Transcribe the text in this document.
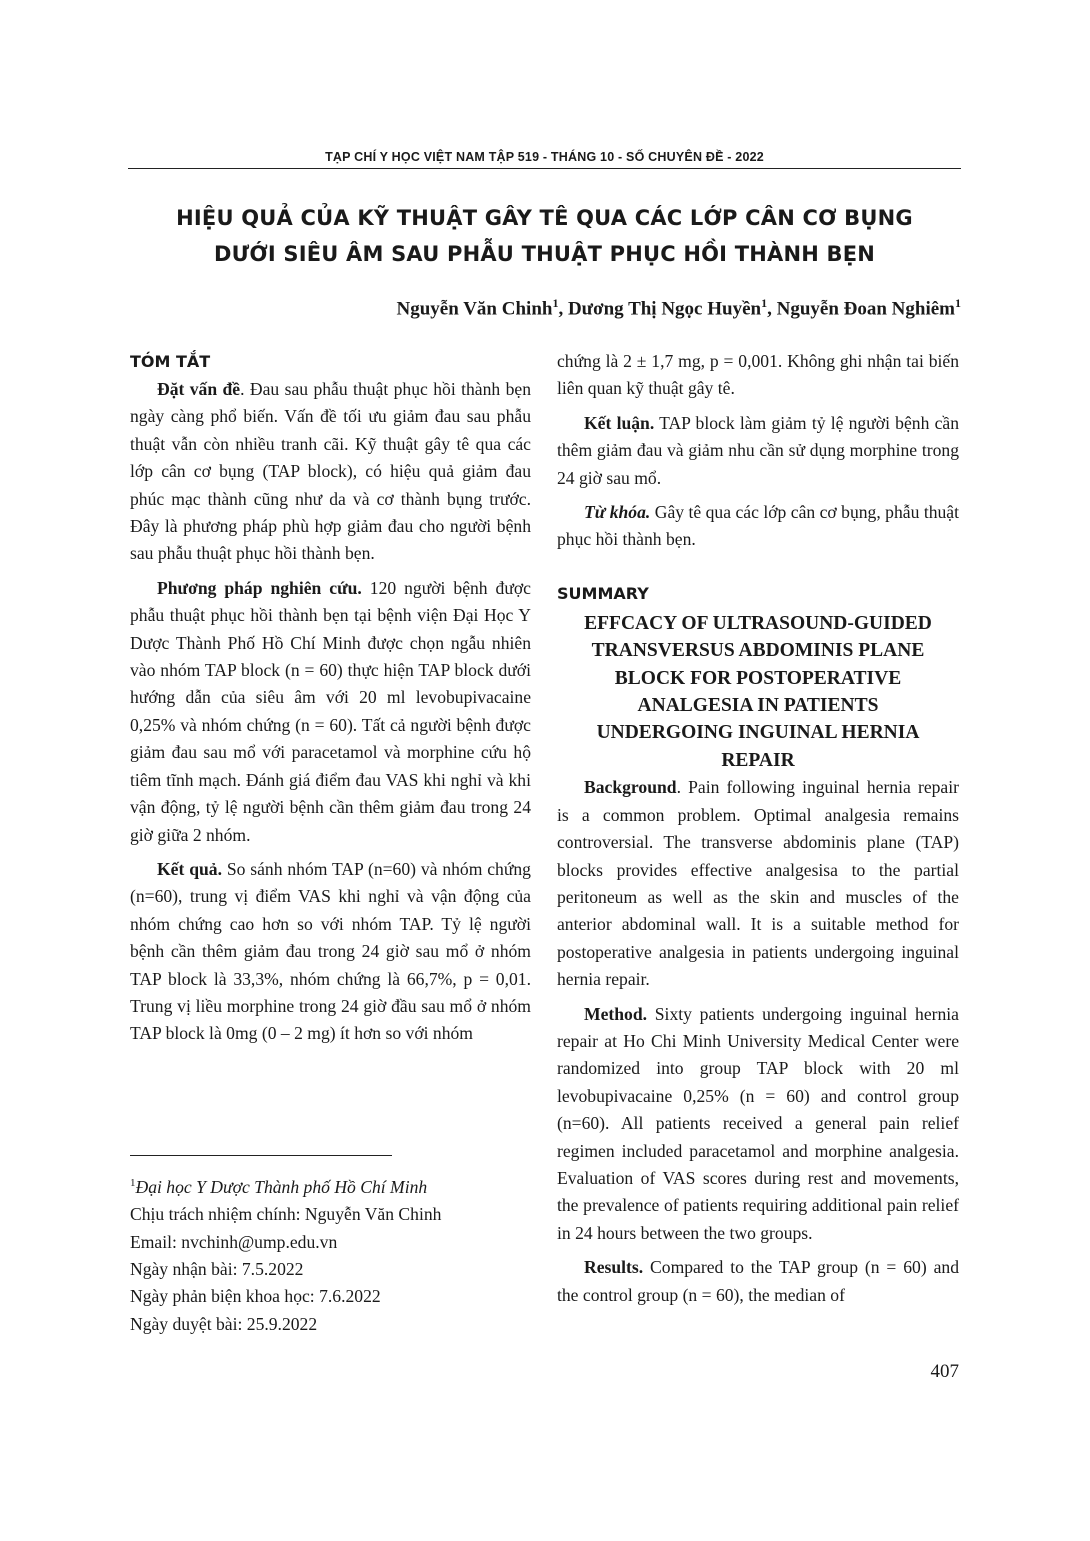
TẠP CHÍ Y HỌC VIỆT NAM TẬP 519 - THÁNG 10 - SỐ CHUYÊN ĐỀ - 2022
HIỆU QUẢ CỦA KỸ THUẬT GÂY TÊ QUA CÁC LỚP CÂN CƠ BỤNG
DƯỚI SIÊU ÂM SAU PHẪU THUẬT PHỤC HỒI THÀNH BẸN
Nguyễn Văn Chinh$^1$, Dương Thị Ngọc Huyền$^1$, Nguyễn Đoan Nghiêm$^1$
TÓM TẮT

Đặt vấn đề. Đau sau phẫu thuật phục hồi thành bẹn ngày càng phổ biến. Vấn đề tối ưu giảm đau sau phẫu thuật vẫn còn nhiều tranh cãi. Kỹ thuật gây tê qua các lớp cân cơ bụng (TAP block), có hiệu quả giảm đau phúc mạc thành cũng như da và cơ thành bụng trước. Đây là phương pháp phù hợp giảm đau cho người bệnh sau phẫu thuật phục hồi thành bẹn.

Phương pháp nghiên cứu. 120 người bệnh được phẫu thuật phục hồi thành bẹn tại bệnh viện Đại Học Y Dược Thành Phố Hồ Chí Minh được chọn ngẫu nhiên vào nhóm TAP block (n = 60) thực hiện TAP block dưới hướng dẫn của siêu âm với 20 ml levobupivacaine 0,25% và nhóm chứng (n = 60). Tất cả người bệnh được giảm đau sau mổ với paracetamol và morphine cứu hộ tiêm tĩnh mạch. Đánh giá điểm đau VAS khi nghỉ và khi vận động, tỷ lệ người bệnh cần thêm giảm đau trong 24 giờ giữa 2 nhóm.

Kết quả. So sánh nhóm TAP (n=60) và nhóm chứng (n=60), trung vị điểm VAS khi nghỉ và vận động của nhóm chứng cao hơn so với nhóm TAP. Tỷ lệ người bệnh cần thêm giảm đau trong 24 giờ sau mổ ở nhóm TAP block là 33,3%, nhóm chứng là 66,7%, p = 0,01. Trung vị liều morphine trong 24 giờ đầu sau mổ ở nhóm TAP block là 0mg (0 – 2 mg) ít hơn so với nhóm

chứng là 2 ± 1,7 mg, p = 0,001. Không ghi nhận tai biến liên quan kỹ thuật gây tê.

Kết luận. TAP block làm giảm tỷ lệ người bệnh cần thêm giảm đau và giảm nhu cần sử dụng morphine trong 24 giờ sau mổ.

Từ khóa. Gây tê qua các lớp cân cơ bụng, phẫu thuật phục hồi thành bẹn.

SUMMARY
EFFCACY OF ULTRASOUND-GUIDED
TRANSVERSUS ABDOMINIS PLANE
BLOCK FOR POSTOPERATIVE
ANALGESIA IN PATIENTS
UNDERGOING INGUINAL HERNIA
REPAIR

Background. Pain following inguinal hernia repair is a common problem. Optimal analgesia remains controversial. The transverse abdominis plane (TAP) blocks provides effective analgesisa to the partial peritoneum as well as the skin and muscles of the anterior abdominal wall. It is a suitable method for postoperative analgesia in patients undergoing inguinal hernia repair.

Method. Sixty patients undergoing inguinal hernia repair at Ho Chi Minh University Medical Center were randomized into group TAP block with 20 ml levobupivacaine 0,25% (n = 60) and control group (n=60). All patients received a general pain relief regimen included paracetamol and morphine analgesia. Evaluation of VAS scores during rest and movements, the prevalence of patients requiring additional pain relief in 24 hours between the two groups.

Results. Compared to the TAP group (n = 60) and the control group (n = 60), the median of

$^1$Đại học Y Dược Thành phố Hồ Chí Minh
Chịu trách nhiệm chính: Nguyễn Văn Chinh
Email: nvchinh@ump.edu.vn
Ngày nhận bài: 7.5.2022
Ngày phản biện khoa học: 7.6.2022
Ngày duyệt bài: 25.9.2022
407
